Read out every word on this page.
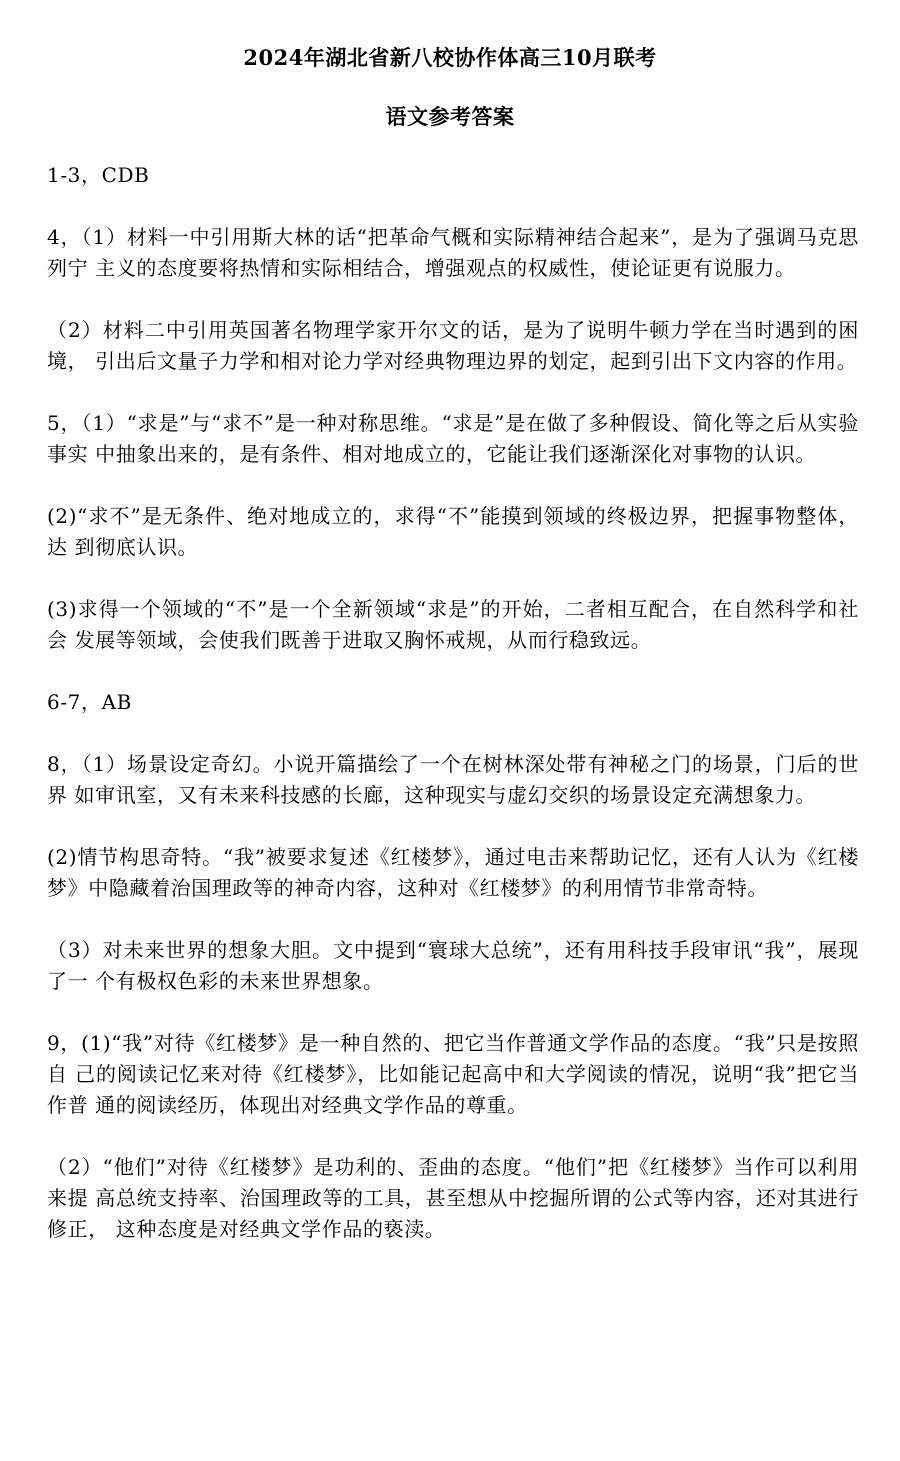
2024年湖北省新八校协作体高三10月联考
语文参考答案

1-3，CDB

4，（1）材料一中引用斯大林的话“把革命气概和实际精神结合起来”，是为了强调马克思列宁 主义的态度要将热情和实际相结合，增强观点的权威性，使论证更有说服力。

（2）材料二中引用英国著名物理学家开尔文的话，是为了说明牛顿力学在当时遇到的困境， 引出后文量子力学和相对论力学对经典物理边界的划定，起到引出下文内容的作用。

5，（1）“求是”与“求不”是一种对称思维。“求是”是在做了多种假设、简化等之后从实验事实 中抽象出来的，是有条件、相对地成立的，它能让我们逐渐深化对事物的认识。

(2)“求不”是无条件、绝对地成立的，求得“不”能摸到领域的终极边界，把握事物整体，达 到彻底认识。

(3)求得一个领域的“不”是一个全新领域“求是”的开始，二者相互配合，在自然科学和社会 发展等领域，会使我们既善于进取又胸怀戒规，从而行稳致远。

6-7，AB

8，（1）场景设定奇幻。小说开篇描绘了一个在树林深处带有神秘之门的场景，门后的世界 如审讯室，又有未来科技感的长廊，这种现实与虚幻交织的场景设定充满想象力。

(2)情节构思奇特。“我”被要求复述《红楼梦》，通过电击来帮助记忆，还有人认为《红楼 梦》中隐藏着治国理政等的神奇内容，这种对《红楼梦》的利用情节非常奇特。

（3）对未来世界的想象大胆。文中提到“寰球大总统”，还有用科技手段审讯“我”，展现了一 个有极权色彩的未来世界想象。

9，(1)“我”对待《红楼梦》是一种自然的、把它当作普通文学作品的态度。“我”只是按照自 己的阅读记忆来对待《红楼梦》，比如能记起高中和大学阅读的情况，说明“我”把它当作普 通的阅读经历，体现出对经典文学作品的尊重。

（2）“他们”对待《红楼梦》是功利的、歪曲的态度。“他们”把《红楼梦》当作可以利用来提 高总统支持率、治国理政等的工具，甚至想从中挖掘所谓的公式等内容，还对其进行修正， 这种态度是对经典文学作品的亵渎。
